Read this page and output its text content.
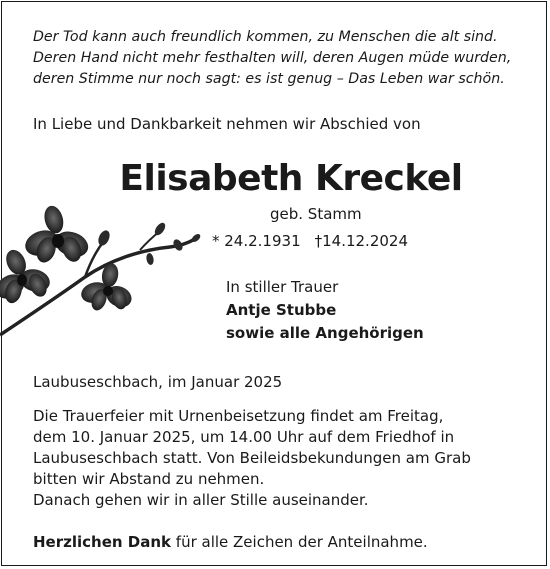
Der Tod kann auch freundlich kommen, zu Menschen die alt sind.
Deren Hand nicht mehr festhalten will, deren Augen müde wurden,
deren Stimme nur noch sagt: es ist genug – Das Leben war schön.
In Liebe und Dankbarkeit nehmen wir Abschied von
Elisabeth Kreckel
geb. Stamm
* 24.2.1931 †14.12.2024
In stiller Trauer
Antje Stubbe
sowie alle Angehörigen
Laubuseschbach, im Januar 2025
Die Trauerfeier mit Urnenbeisetzung findet am Freitag,
dem 10. Januar 2025, um 14.00 Uhr auf dem Friedhof in
Laubuseschbach statt. Von Beileidsbekundungen am Grab
bitten wir Abstand zu nehmen.
Danach gehen wir in aller Stille auseinander.
Herzlichen Dank für alle Zeichen der Anteilnahme.
